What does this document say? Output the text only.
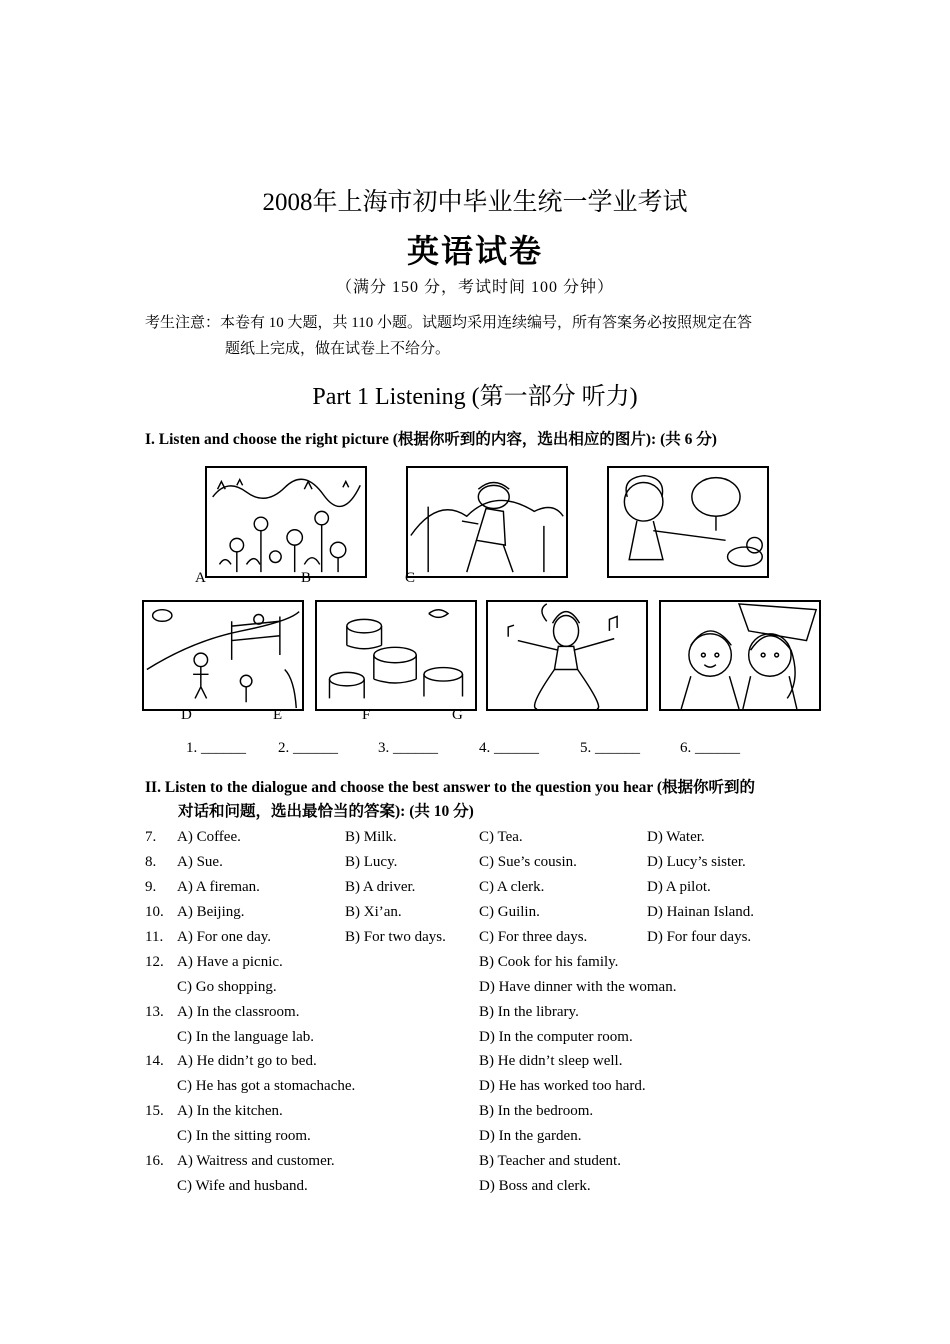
2008年上海市初中毕业生统一学业考试
英语试卷
（满分 150 分，考试时间 100 分钟）
考生注意：本卷有 10 大题，共 110 小题。试题均采用连续编号，所有答案务必按照规定在答
题纸上完成，做在试卷上不给分。
Part 1 Listening (第一部分 听力)
I. Listen and choose the right picture (根据你听到的内容，选出相应的图片): (共 6 分)
A	B	C
D	E	F	G
1. ______ 2. ______	3. ______	4. ______	5. ______	6. ______
II. Listen to the dialogue and choose the best answer to the question you hear (根据你听到的
对话和问题，选出最恰当的答案): (共 10 分)
7. A) Coffee.	B) Milk.	C) Tea.	D) Water.
8. A) Sue.	B) Lucy.	C) Sue’s cousin.	D) Lucy’s sister.
9. A) A fireman.	B) A driver.	C) A clerk.	D) A pilot.
10. A) Beijing.	B) Xi’an.	C) Guilin.	D) Hainan Island.
11. A) For one day.	B) For two days. C) For three days.	D) For four days.
12. A) Have a picnic.	B) Cook for his family.
C) Go shopping.	D) Have dinner with the woman.
13. A) In the classroom.	B) In the library.
C) In the language lab.	D) In the computer room.
14. A) He didn’t go to bed.	B) He didn’t sleep well.
C) He has got a stomachache.	D) He has worked too hard.
15. A) In the kitchen.	B) In the bedroom.
C) In the sitting room.	D) In the garden.
16. A) Waitress and customer.	B) Teacher and student.
C) Wife and husband.	D) Boss and clerk.
